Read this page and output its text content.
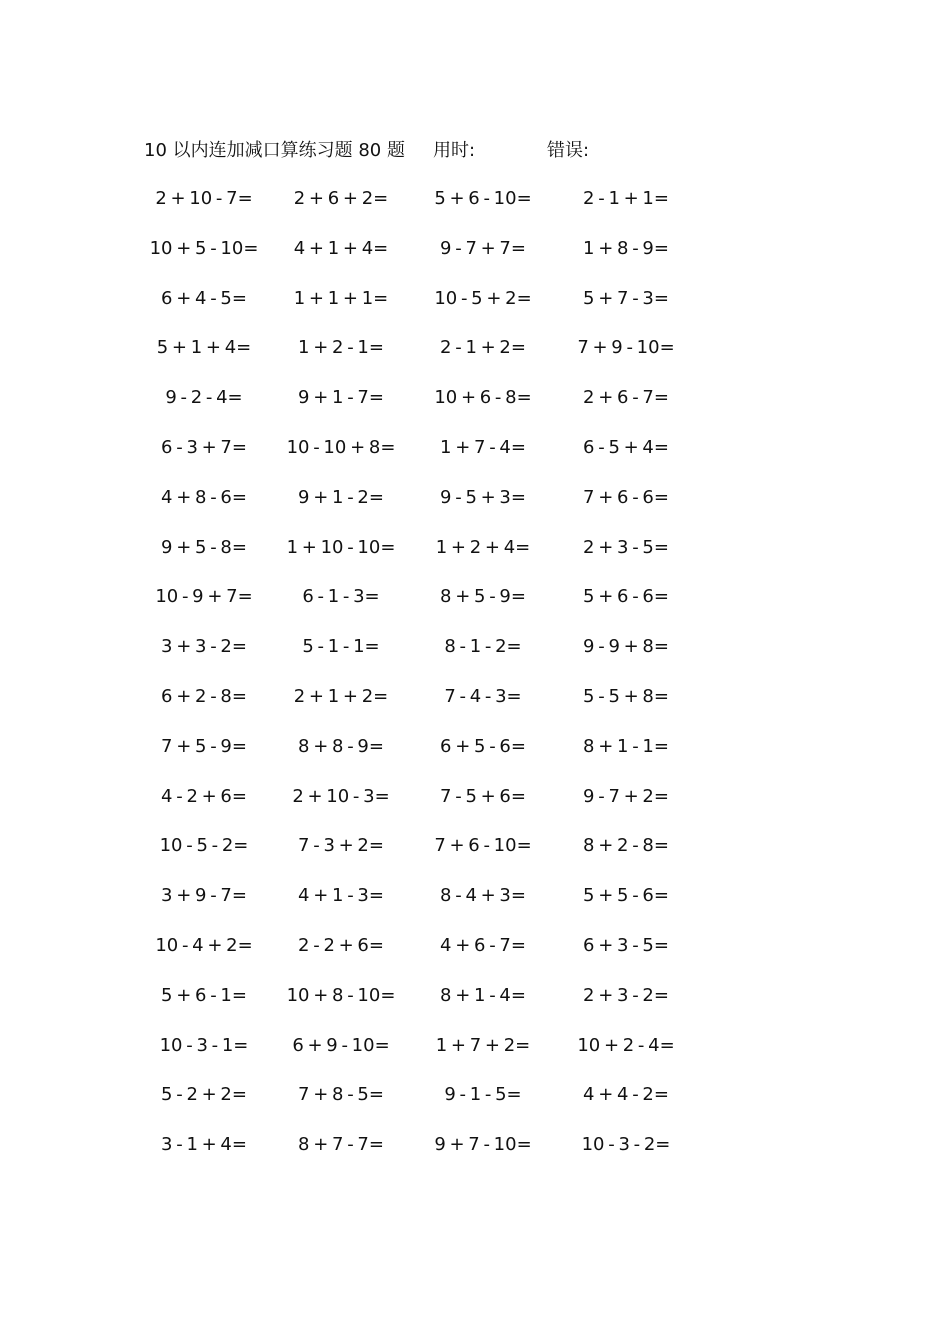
10 以内连加减口算练习题 80 题 用时:	错误:
2 + 10 - 7=	2 + 6 + 2=	5 + 6 - 10=	2 - 1 + 1=
10 + 5 - 10=	4 + 1 + 4=	9 - 7 + 7=	1 + 8 - 9=
6 + 4 - 5=	1 + 1 + 1=	10 - 5 + 2=	5 + 7 - 3=
5 + 1 + 4=	1 + 2 - 1=	2 - 1 + 2=	7 + 9 - 10=
9 - 2 - 4=	9 + 1 - 7=	10 + 6 - 8=	2 + 6 - 7=
6 - 3 + 7=	10 - 10 + 8=	1 + 7 - 4=	6 - 5 + 4=
4 + 8 - 6=	9 + 1 - 2=	9 - 5 + 3=	7 + 6 - 6=
9 + 5 - 8=	1 + 10 - 10=	1 + 2 + 4=	2 + 3 - 5=
10 - 9 + 7=	6 - 1 - 3=	8 + 5 - 9=	5 + 6 - 6=
3 + 3 - 2=	5 - 1 - 1=	8 - 1 - 2=	9 - 9 + 8=
6 + 2 - 8=	2 + 1 + 2=	7 - 4 - 3=	5 - 5 + 8=
7 + 5 - 9=	8 + 8 - 9=	6 + 5 - 6=	8 + 1 - 1=
4 - 2 + 6=	2 + 10 - 3=	7 - 5 + 6=	9 - 7 + 2=
10 - 5 - 2=	7 - 3 + 2=	7 + 6 - 10=	8 + 2 - 8=
3 + 9 - 7=	4 + 1 - 3=	8 - 4 + 3=	5 + 5 - 6=
10 - 4 + 2=	2 - 2 + 6=	4 + 6 - 7=	6 + 3 - 5=
5 + 6 - 1=	10 + 8 - 10=	8 + 1 - 4=	2 + 3 - 2=
10 - 3 - 1=	6 + 9 - 10=	1 + 7 + 2=	10 + 2 - 4=
5 - 2 + 2=	7 + 8 - 5=	9 - 1 - 5=	4 + 4 - 2=
3 - 1 + 4=	8 + 7 - 7=	9 + 7 - 10=	10 - 3 - 2=
